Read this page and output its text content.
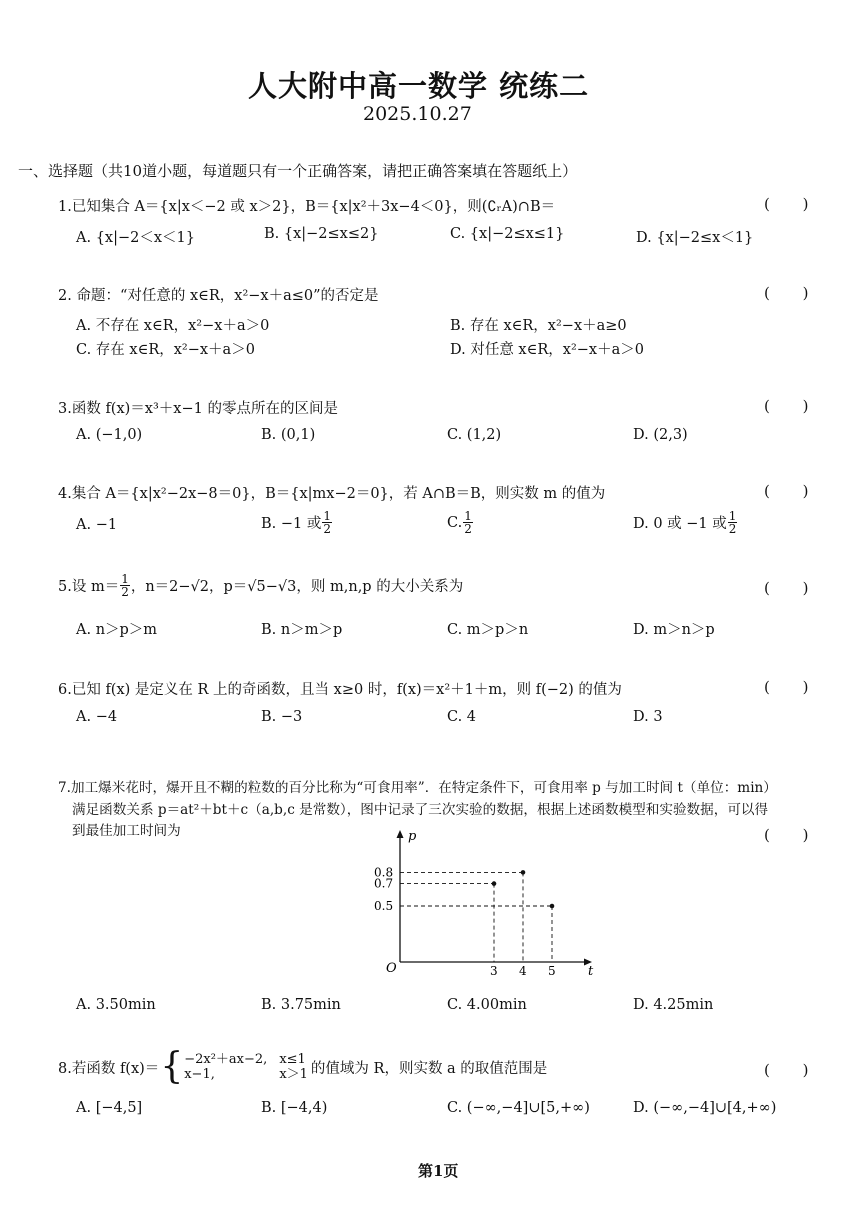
人大附中高一数学 统练二
2025.10.27
一、选择题（共10道小题，每道题只有一个正确答案，请把正确答案填在答题纸上）
1.已知集合 A＝{x|x＜−2 或 x＞2}，B＝{x|x²＋3x−4＜0}，则(∁ᵣA)∩B＝	( )
A. {x|−2＜x＜1}	B. {x|−2≤x≤2}	C. {x|−2≤x≤1}	D. {x|−2≤x＜1}
2. 命题：“对任意的 x∈R，x²−x＋a≤0”的否定是	( )
A. 不存在 x∈R，x²−x＋a＞0	B. 存在 x∈R，x²−x＋a≥0
C. 存在 x∈R，x²−x＋a＞0	D. 对任意 x∈R，x²−x＋a＞0
3.函数 f(x)＝x³＋x−1 的零点所在的区间是	( )
A. (−1,0)	B. (0,1)	C. (1,2)	D. (2,3)
4.集合 A＝{x|x²−2x−8＝0}，B＝{x|mx−2＝0}，若 A∩B＝B，则实数 m 的值为	( )
A. −1	B. −1 或 $\frac{1}{2}$	C. $\frac{1}{2}$	D. 0 或 −1 或 $\frac{1}{2}$
5.设 $m= \frac{1}{2}$ ，n＝2−√2，p＝√5−√3，则 m,n,p 的大小关系为	( )
A. n＞p＞m	B. n＞m＞p	C. m＞p＞n	D. m＞n＞p
6.已知 f(x) 是定义在 R 上的奇函数，且当 x≥0 时，f(x)＝x²＋1＋m，则 f(−2) 的值为	( )
A. −4	B. −3	C. 4	D. 3
7.加工爆米花时，爆开且不糊的粒数的百分比称为“可食用率”．在特定条件下，可食用率 p 与加工时间 t（单位：min）
满足函数关系 p＝at²＋bt＋c（a,b,c 是常数），图中记录了三次实验的数据，根据上述函数模型和实验数据，可以得
到最佳加工时间为	( )
p
t
O	3 4 5
0.8
0.7
0.5
A. 3.50min	B. 3.75min	C. 4.00min	D. 4.25min
8.若函数 f(x)＝ { −2x²＋ax−2, x≤1
x−1,	x＞1 的值域为 R，则实数 a 的取值范围是	( )
A. [−4,5]	B. [−4,4)	C. (−∞,−4]∪[5,+∞)	D. (−∞,−4]∪[4,+∞)
第1页
